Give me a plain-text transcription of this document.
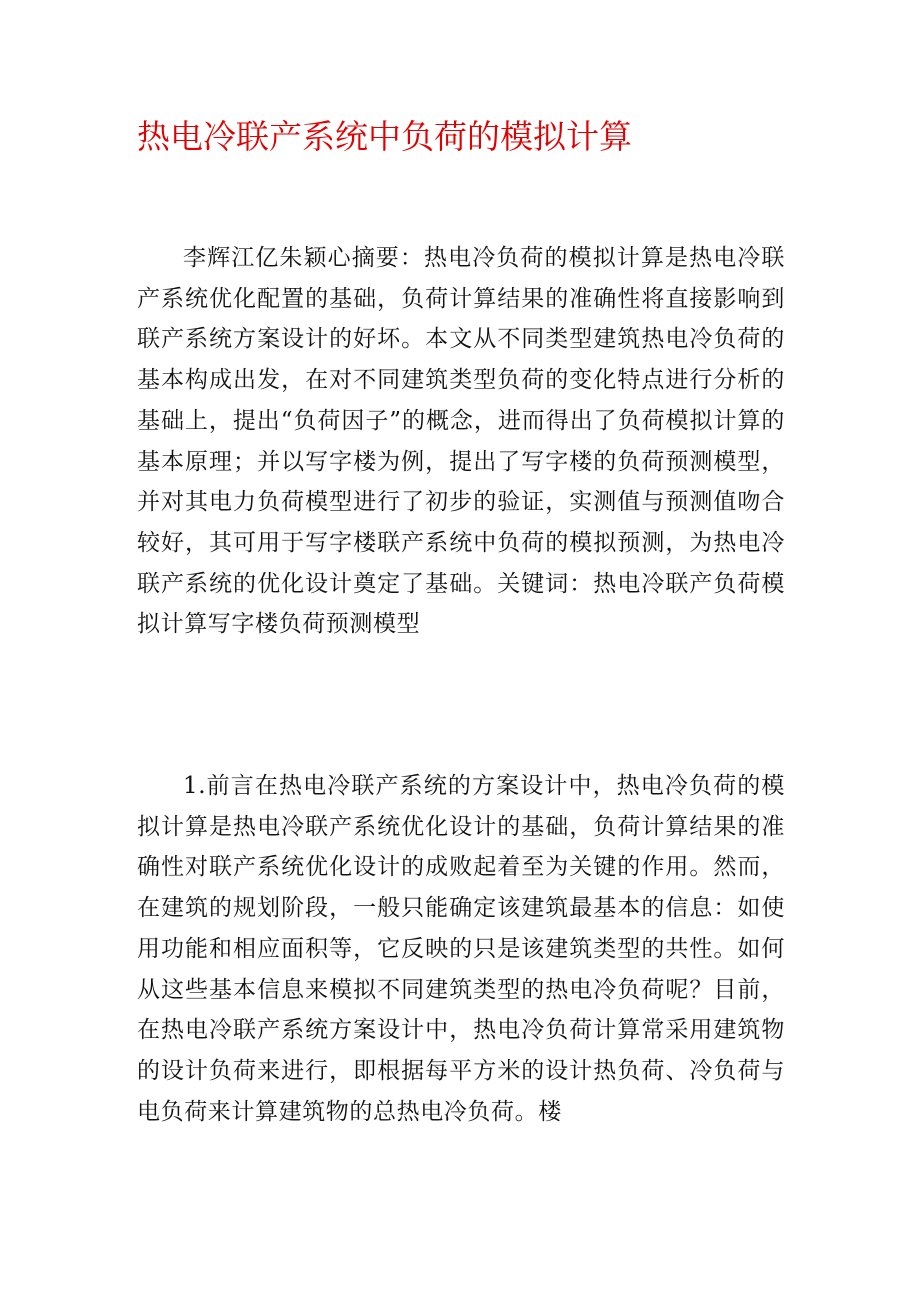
热电冷联产系统中负荷的模拟计算

李辉江亿朱颖心摘要：热电冷负荷的模拟计算是热电冷联产系统优化配置的基础，负荷计算结果的准确性将直接影响到联产系统方案设计的好坏。本文从不同类型建筑热电冷负荷的基本构成出发，在对不同建筑类型负荷的变化特点进行分析的基础上，提出“负荷因子”的概念，进而得出了负荷模拟计算的基本原理；并以写字楼为例，提出了写字楼的负荷预测模型，并对其电力负荷模型进行了初步的验证，实测值与预测值吻合较好，其可用于写字楼联产系统中负荷的模拟预测，为热电冷联产系统的优化设计奠定了基础。关键词：热电冷联产负荷模拟计算写字楼负荷预测模型

1.前言在热电冷联产系统的方案设计中，热电冷负荷的模拟计算是热电冷联产系统优化设计的基础，负荷计算结果的准确性对联产系统优化设计的成败起着至为关键的作用。然而，在建筑的规划阶段，一般只能确定该建筑最基本的信息：如使用功能和相应面积等，它反映的只是该建筑类型的共性。如何从这些基本信息来模拟不同建筑类型的热电冷负荷呢？目前，在热电冷联产系统方案设计中，热电冷负荷计算常采用建筑物的设计负荷来进行，即根据每平方米的设计热负荷、冷负荷与电负荷来计算建筑物的总热电冷负荷。楼
